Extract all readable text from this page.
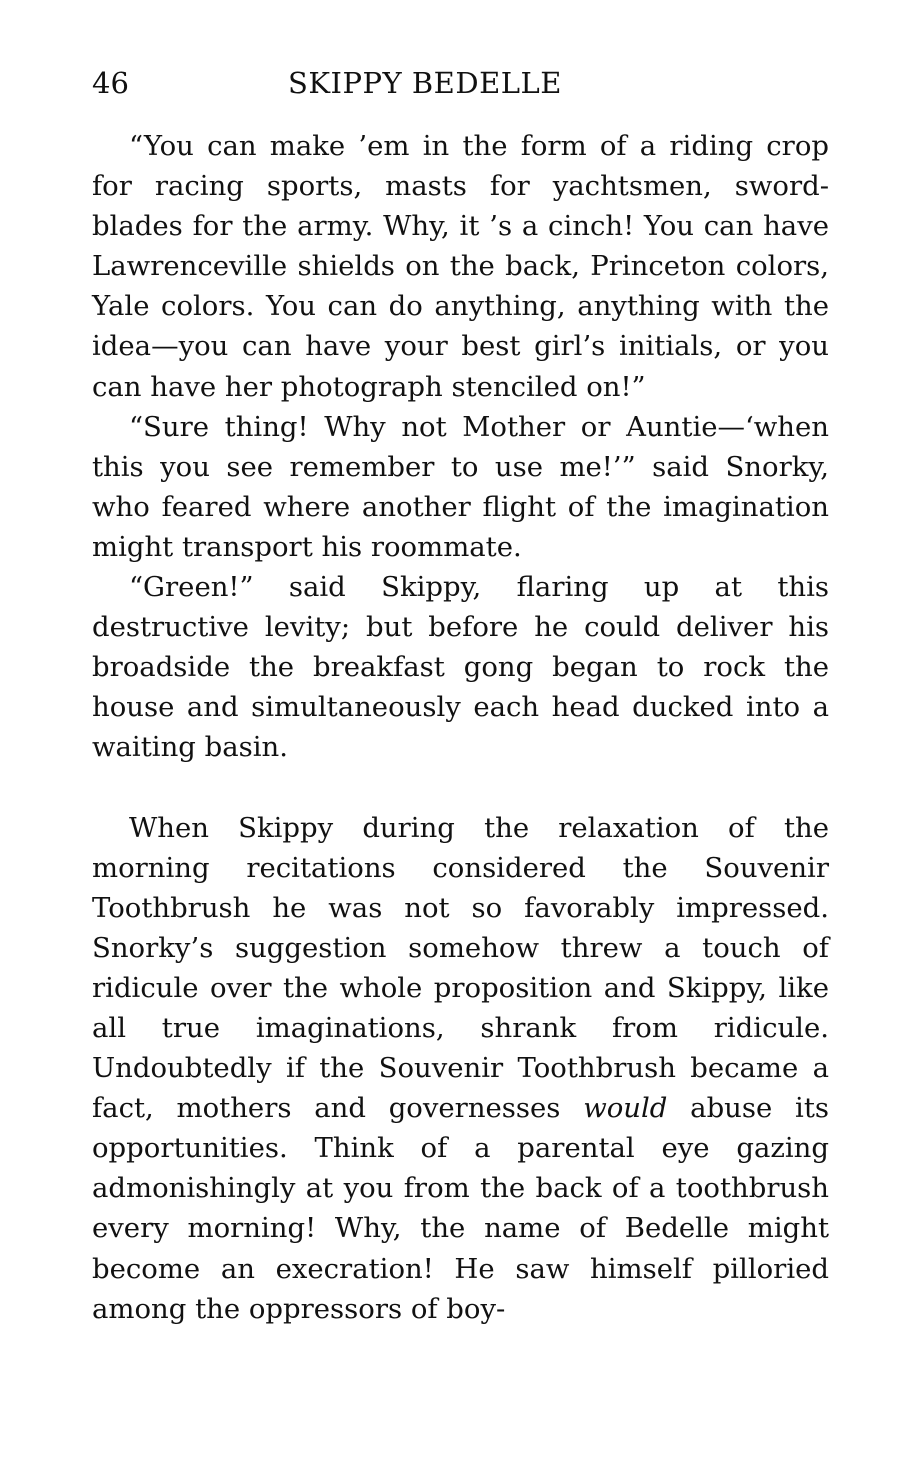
46	SKIPPY BEDELLE

“You can make ’em in the form of a riding crop for racing sports, masts for yachtsmen, sword-blades for the army. Why, it ’s a cinch! You can have Lawrenceville shields on the back, Princeton colors, Yale colors. You can do anything, anything with the idea—you can have your best girl’s initials, or you can have her photograph stenciled on!”

“Sure thing! Why not Mother or Auntie—‘when this you see remember to use me!’” said Snorky, who feared where another flight of the imagination might transport his roommate.

“Green!” said Skippy, flaring up at this destructive levity; but before he could deliver his broadside the breakfast gong began to rock the house and simultaneously each head ducked into a waiting basin.

When Skippy during the relaxation of the morning recitations considered the Souvenir Toothbrush he was not so favorably impressed. Snorky’s suggestion somehow threw a touch of ridicule over the whole proposition and Skippy, like all true imaginations, shrank from ridicule. Undoubtedly if the Souvenir Toothbrush became a fact, mothers and governesses would abuse its opportunities. Think of a parental eye gazing admonishingly at you from the back of a toothbrush every morning! Why, the name of Bedelle might become an execration! He saw himself pilloried among the oppressors of boy-
